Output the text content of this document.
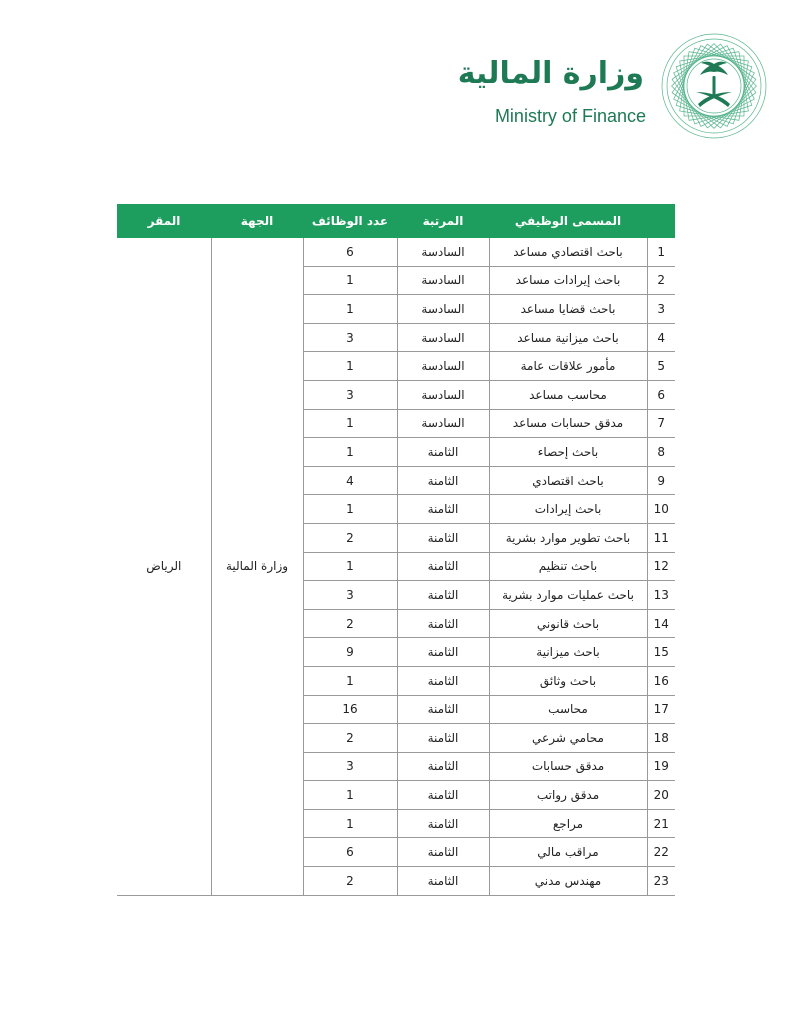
وزارة المالية
Ministry of Finance
	المسمى الوظيفي	المرتبة	عدد الوظائف	الجهة	المقر
1	باحث اقتصادي مساعد	السادسة	6	وزارة المالية	الرياض
2	باحث إيرادات مساعد	السادسة	1		
3	باحث قضايا مساعد	السادسة	1		
4	باحث ميزانية مساعد	السادسة	3		
5	مأمور علاقات عامة	السادسة	1		
6	محاسب مساعد	السادسة	3		
7	مدقق حسابات مساعد	السادسة	1		
8	باحث إحصاء	الثامنة	1		
9	باحث اقتصادي	الثامنة	4		
10	باحث إيرادات	الثامنة	1		
11	باحث تطوير موارد بشرية	الثامنة	2		
12	باحث تنظيم	الثامنة	1		
13	باحث عمليات موارد بشرية	الثامنة	3		
14	باحث قانوني	الثامنة	2		
15	باحث ميزانية	الثامنة	9		
16	باحث وثائق	الثامنة	1		
17	محاسب	الثامنة	16		
18	محامي شرعي	الثامنة	2		
19	مدقق حسابات	الثامنة	3		
20	مدقق رواتب	الثامنة	1		
21	مراجع	الثامنة	1		
22	مراقب مالي	الثامنة	6		
23	مهندس مدني	الثامنة	2		
